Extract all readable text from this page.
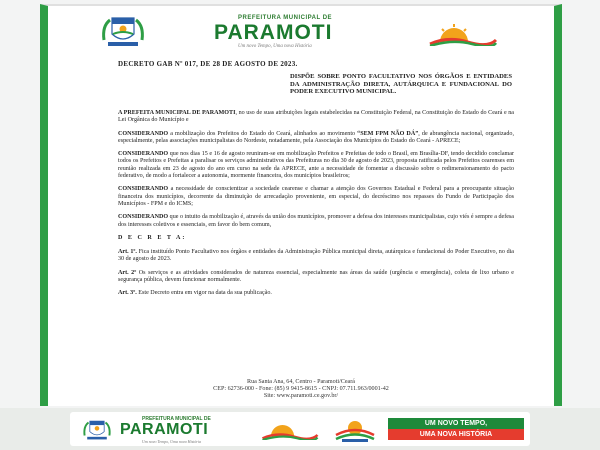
PREFEITURA MUNICIPAL DE
PARAMOTI
Um novo Tempo, Uma nova História
DECRETO GAB Nº 017, DE 28 DE AGOSTO DE 2023.
DISPÕE SOBRE PONTO FACULTATIVO NOS ÓRGÃOS E ENTIDADES DA ADMINISTRAÇÃO DIRETA, AUTÁRQUICA E FUNDACIONAL DO PODER EXECUTIVO MUNICIPAL.

A PREFEITA MUNICIPAL DE PARAMOTI, no uso de suas atribuições legais estabelecidas na Constituição Federal, na Constituição do Estado do Ceará e na Lei Orgânica do Município e

CONSIDERANDO a mobilização dos Prefeitos do Estado do Ceará, alinhados ao movimento “SEM FPM NÃO DÁ”, de abrangência nacional, organizado, especialmente, pelas associações municipalistas do Nordeste, notadamente, pela Associação dos Municípios do Estado do Ceará - APRECE;

CONSIDERANDO que nos dias 15 e 16 de agosto reuniram-se em mobilização Prefeitos e Prefeitas de todo o Brasil, em Brasília-DF, tendo decidido conclamar todos os Prefeitos e Prefeitas a paralisar os serviços administrativos das Prefeituras no dia 30 de agosto de 2023, proposta ratificada pelos Prefeitos cearenses em reunião realizada em 23 de agosto do ano em curso na sede da APRECE, ante a necessidade de fomentar a discussão sobre o redimensionamento do pacto federativo, de modo a fortalecer a autonomia, mormente financeira, dos municípios brasileiros;

CONSIDERANDO a necessidade de conscientizar a sociedade cearense e chamar a atenção dos Governos Estadual e Federal para a preocupante situação financeira dos municípios, decorrente da diminuição de arrecadação proveniente, em especial, do decréscimo nos repasses do Fundo de Participação dos Municípios - FPM e do ICMS;

CONSIDERANDO que o intuito da mobilização é, através da união dos municípios, promover a defesa dos interesses municipalistas, cujo viés é sempre a defesa dos interesses coletivos e essenciais, em favor do bem comum,

D E C R E T A:

Art. 1º. Fica instituído Ponto Facultativo nos órgãos e entidades da Administração Pública municipal direta, autárquica e fundacional do Poder Executivo, no dia 30 de agosto de 2023.

Art. 2º Os serviços e as atividades considerados de natureza essencial, especialmente nas áreas da saúde (urgência e emergência), coleta de lixo urbano e segurança pública, devem funcionar normalmente.

Art. 3º. Este Decreto entra em vigor na data da sua publicação.

Rua Santa Ana, 64, Centro - Paramoti/Ceará
CEP: 62736-000 - Fone: (85) 9 9415-8615 - CNPJ: 07.711.963/0001-42
Site: www.paramoti.ce.gov.br/
PREFEITURA MUNICIPAL DE
PARAMOTI
Um novo Tempo, Uma nova História
UM NOVO TEMPO,
UMA NOVA HISTÓRIA
